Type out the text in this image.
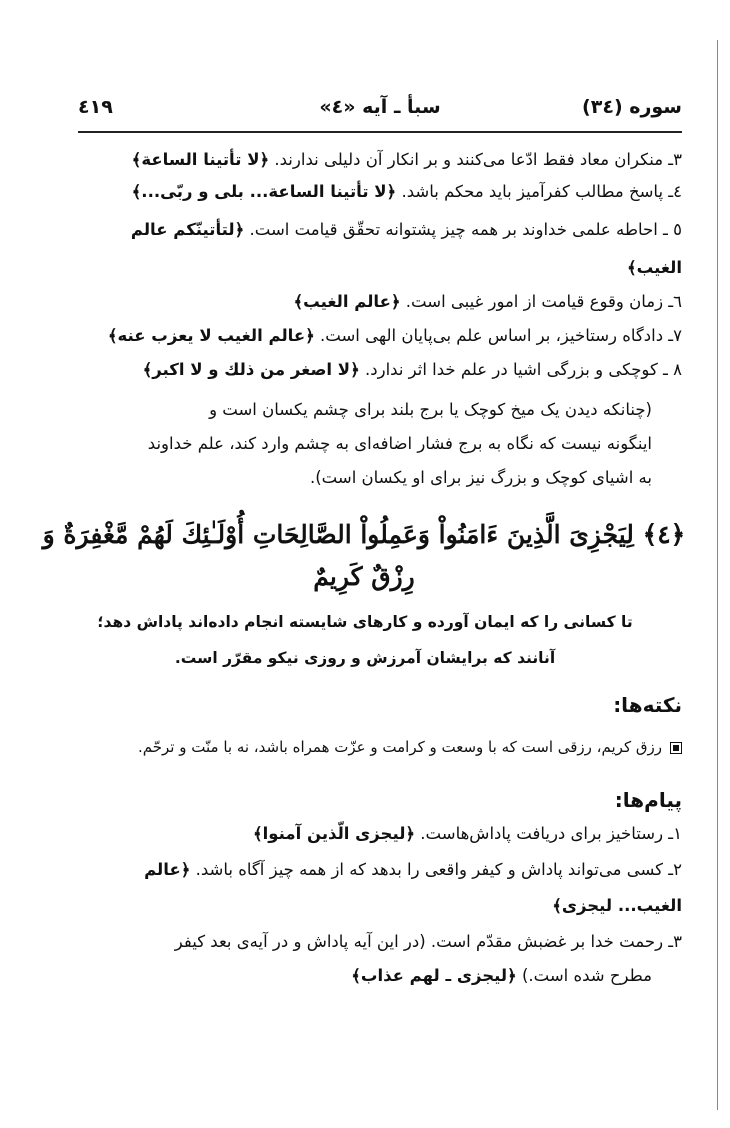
سوره (٣٤)
سبأ ـ آیه «٤»
٤١٩
٣ـ منكران معاد فقط ادّعا می‌كنند و بر انكار آن دلیلی ندارند. ﴿لا تأتینا الساعة﴾
٤ـ پاسخ مطالب كفرآمیز باید محكم باشد. ﴿لا تأتینا الساعة... بلی و ربّی...﴾
٥ ـ احاطه علمی خداوند بر همه چیز پشتوانه تحقّق قیامت است. ﴿لتأتینّكم عالم
الغیب﴾
٦ـ زمان وقوع قیامت از امور غیبی است. ﴿عالم الغیب﴾
٧ـ دادگاه رستاخیز، بر اساس علم بی‌پایان الهی است. ﴿عالم الغیب لا یعزب عنه﴾
٨ ـ كوچكی و بزرگی اشیا در علم خدا اثر ندارد. ﴿لا اصغر من ذلك و لا اكبر﴾
(چنانكه دیدن یک میخ كوچک یا برج بلند برای چشم یكسان است و
اینگونه نیست كه نگاه به برج فشار اضافه‌ای به چشم وارد كند، علم خداوند
به اشیای كوچک و بزرگ نیز برای او یكسان است).
﴿٤﴾ لِیَجْزِیَ الَّذِینَ ءَامَنُواْ وَعَمِلُواْ الصَّالِحَاتِ أُوْلَـٰئِكَ لَهُمْ مَّغْفِرَةٌ وَ
رِزْقٌ كَرِیمٌ
تا كسانی را كه ایمان آورده و كارهای شایسته انجام داده‌اند پاداش دهد؛
آنانند كه برایشان آمرزش و روزی نیكو مقرّر است.
نكته‌ها:
رزق كریم، رزقی است كه با وسعت و كرامت و عزّت همراه باشد، نه با منّت و ترحّم.
پیام‌ها:
١ـ رستاخیز برای دریافت پاداش‌هاست. ﴿لیجزی الّذین آمنوا﴾
٢ـ كسی می‌تواند پاداش و كیفر واقعی را بدهد كه از همه چیز آگاه باشد. ﴿عالم
الغیب... لیجزی﴾
٣ـ رحمت خدا بر غضبش مقدّم است. (در این آیه پاداش و در آیه‌ی بعد كیفر
مطرح شده است.) ﴿لیجزی ـ لهم عذاب﴾
